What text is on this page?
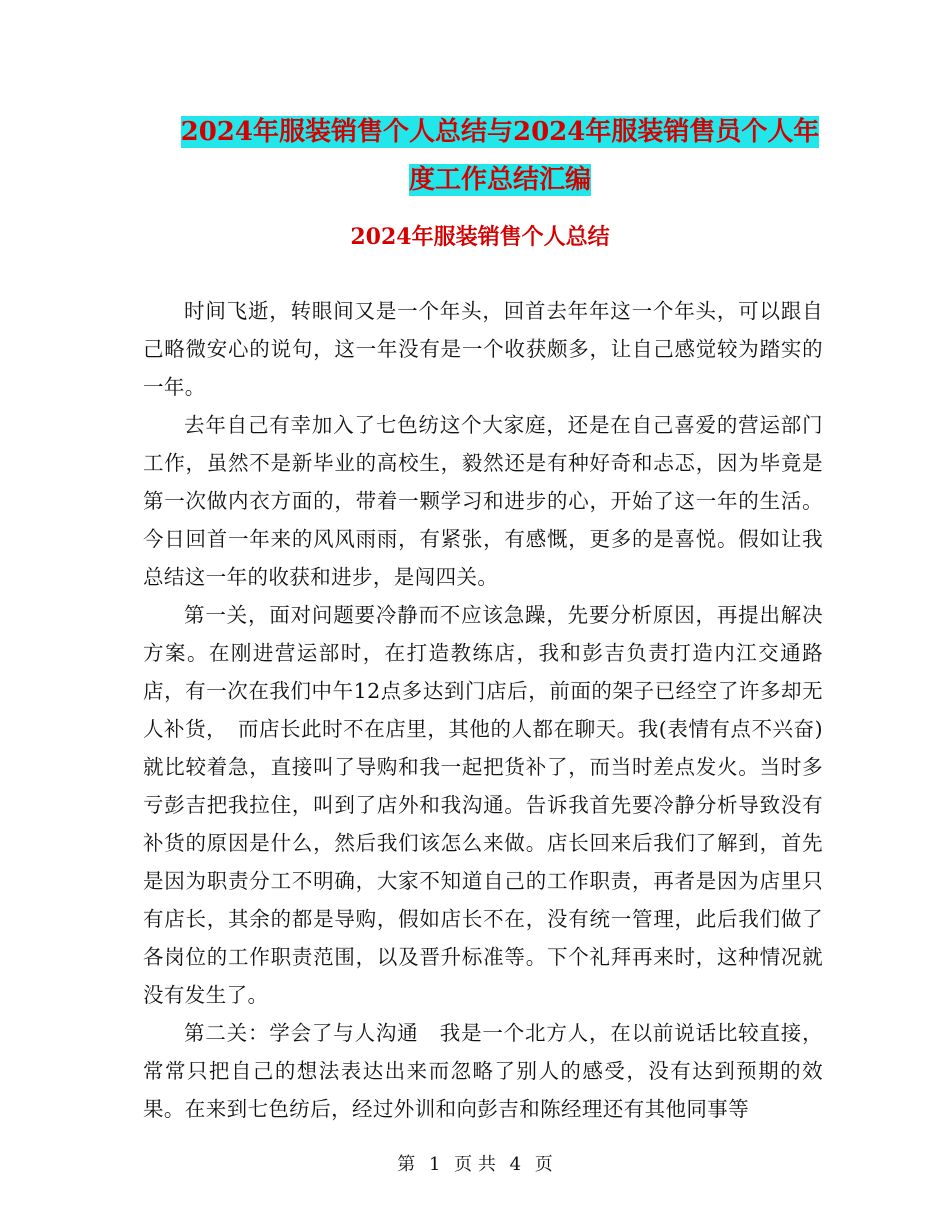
2024年服装销售个人总结与2024年服装销售员个人年
度工作总结汇编
2024年服装销售个人总结

时间飞逝，转眼间又是一个年头，回首去年年这一个年头，可以跟自己略微安心的说句，这一年没有是一个收获颇多，让自己感觉较为踏实的一年。

去年自己有幸加入了七色纺这个大家庭，还是在自己喜爱的营运部门工作，虽然不是新毕业的高校生，毅然还是有种好奇和忐忑，因为毕竟是第一次做内衣方面的，带着一颗学习和进步的心，开始了这一年的生活。今日回首一年来的风风雨雨，有紧张，有感慨，更多的是喜悦。假如让我总结这一年的收获和进步，是闯四关。

第一关，面对问题要冷静而不应该急躁，先要分析原因，再提出解决方案。在刚进营运部时，在打造教练店，我和彭吉负责打造内江交通路店，有一次在我们中午12点多达到门店后，前面的架子已经空了许多却无人补货，　而店长此时不在店里，其他的人都在聊天。我(表情有点不兴奋)就比较着急，直接叫了导购和我一起把货补了，而当时差点发火。当时多亏彭吉把我拉住，叫到了店外和我沟通。告诉我首先要冷静分析导致没有补货的原因是什么，然后我们该怎么来做。店长回来后我们了解到，首先是因为职责分工不明确，大家不知道自己的工作职责，再者是因为店里只有店长，其余的都是导购，假如店长不在，没有统一管理，此后我们做了各岗位的工作职责范围，以及晋升标准等。下个礼拜再来时，这种情况就没有发生了。

第二关：学会了与人沟通　我是一个北方人，在以前说话比较直接，常常只把自己的想法表达出来而忽略了别人的感受，没有达到预期的效果。在来到七色纺后，经过外训和向彭吉和陈经理还有其他同事等

第 1 页 共 4 页
